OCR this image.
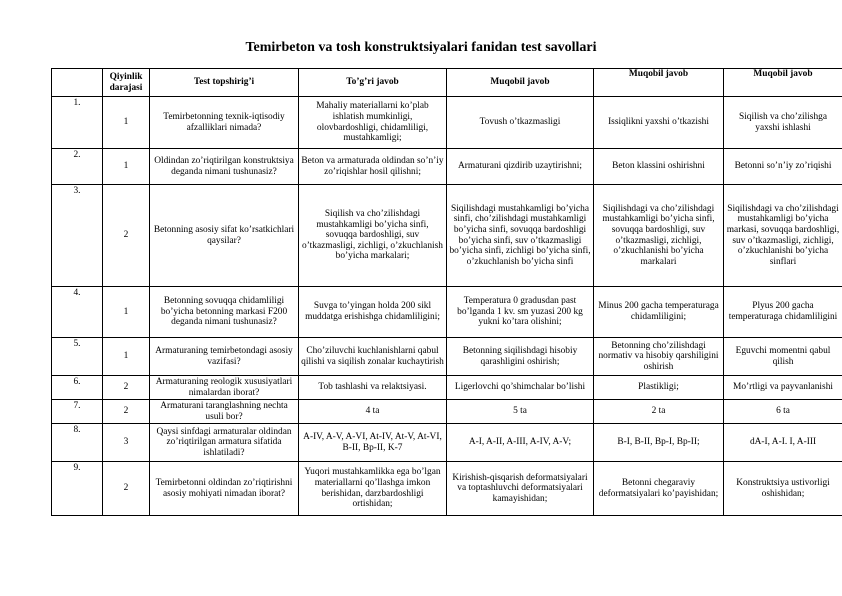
Temirbeton va tosh konstruktsiyalari fanidan test savollari
	Qiyinlik darajasi	Test topshirig’i	To’g’ri javob	Muqobil javob	Muqobil javob	Muqobil javob
1.	1	Temirbetonning texnik-iqtisodiy afzalliklari nimada?	Mahaliy materiallarni ko’plab ishlatish mumkinligi, olovbardoshligi, chidamliligi, mustahkamligi;	Tovush o’tkazmasligi	Issiqlikni yaxshi o’tkazishi	Siqilish va cho’zilishga yaxshi ishlashi
2.	1	Oldindan zo’riqtirilgan konstruktsiya deganda nimani tushunasiz?	Beton va armaturada oldindan so’n’iy zo’riqishlar hosil qilishni;	Armaturani qizdirib uzaytirishni;	Beton klassini oshirishni	Betonni so’n’iy zo’riqishi
3.	2	Betonning asosiy sifat ko’rsatkichlari qaysilar?	Siqilish va cho’zilishdagi mustahkamligi bo’yicha sinfi, sovuqqa bardoshligi, suv o’tkazmasligi, zichligi, o’zkuchlanish bo’yicha markalari;	Siqilishdagi mustahkamligi bo’yicha sinfi, cho’zilishdagi mustahkamligi bo’yicha sinfi, sovuqqa bardoshligi bo’yicha sinfi, suv o’tkazmasligi bo’yicha sinfi, zichligi bo’yicha sinfi, o’zkuchlanish bo’yicha sinfi	Siqilishdagi va cho’zilishdagi mustahkamligi bo’yicha sinfi, sovuqqa bardoshligi, suv o’tkazmasligi, zichligi, o’zkuchlanishi bo’yicha markalari	Siqilishdagi va cho’zilishdagi mustahkamligi bo’yicha markasi, sovuqqa bardoshligi, suv o’tkazmasligi, zichligi, o’zkuchlanishi bo’yicha sinflari
4.	1	Betonning sovuqqa chidamliligi bo’yicha betonning markasi F200 deganda nimani tushunasiz?	Suvga to’yingan holda 200 sikl muddatga erishishga chidamliligini;	Temperatura 0 gradusdan past bo’lganda 1 kv. sm yuzasi 200 kg yukni ko’tara olishini;	Minus 200 gacha temperaturaga chidamliligini;	Plyus 200 gacha temperaturaga chidamliligini
5.	1	Armaturaning temirbetondagi asosiy vazifasi?	Cho’ziluvchi kuchlanishlarni qabul qilishi va siqilish zonalar kuchaytirish	Betonning siqilishdagi hisobiy qarashligini oshirish;	Betonning cho’zilishdagi normativ va hisobiy qarshiligini oshirish	Eguvchi momentni qabul qilish
6.	2	Armaturaning reologik xususiyatlari nimalardan iborat?	Tob tashlashi va relaktsiyasi.	Ligerlovchi qo’shimchalar bo’lishi	Plastikligi;	Mo’rtligi va payvanlanishi
7.	2	Armaturani taranglashning nechta usuli bor?	4 ta	5 ta	2 ta	6 ta
8.	3	Qaysi sinfdagi armaturalar oldindan zo’riqtirilgan armatura sifatida ishlatiladi?	A-IV, A-V, A-VI, At-IV, At-V, At-VI, B-II, Bp-II, K-7	A-I, A-II, A-III, A-IV, A-V;	B-I, B-II, Bp-I, Bp-II;	dA-I, A-I. I, A-III
9.	2	Temirbetonni oldindan zo’riqtirishni asosiy mohiyati nimadan iborat?	Yuqori mustahkamlikka ega bo’lgan materiallarni qo’llashga imkon berishidan, darzbardoshligi ortishidan;	Kirishish-qisqarish deformatsiyalari va toptashluvchi deformatsiyalari kamayishidan;	Betonni chegaraviy deformatsiyalari ko’payishidan;	Konstruktsiya ustivorligi oshishidan;
